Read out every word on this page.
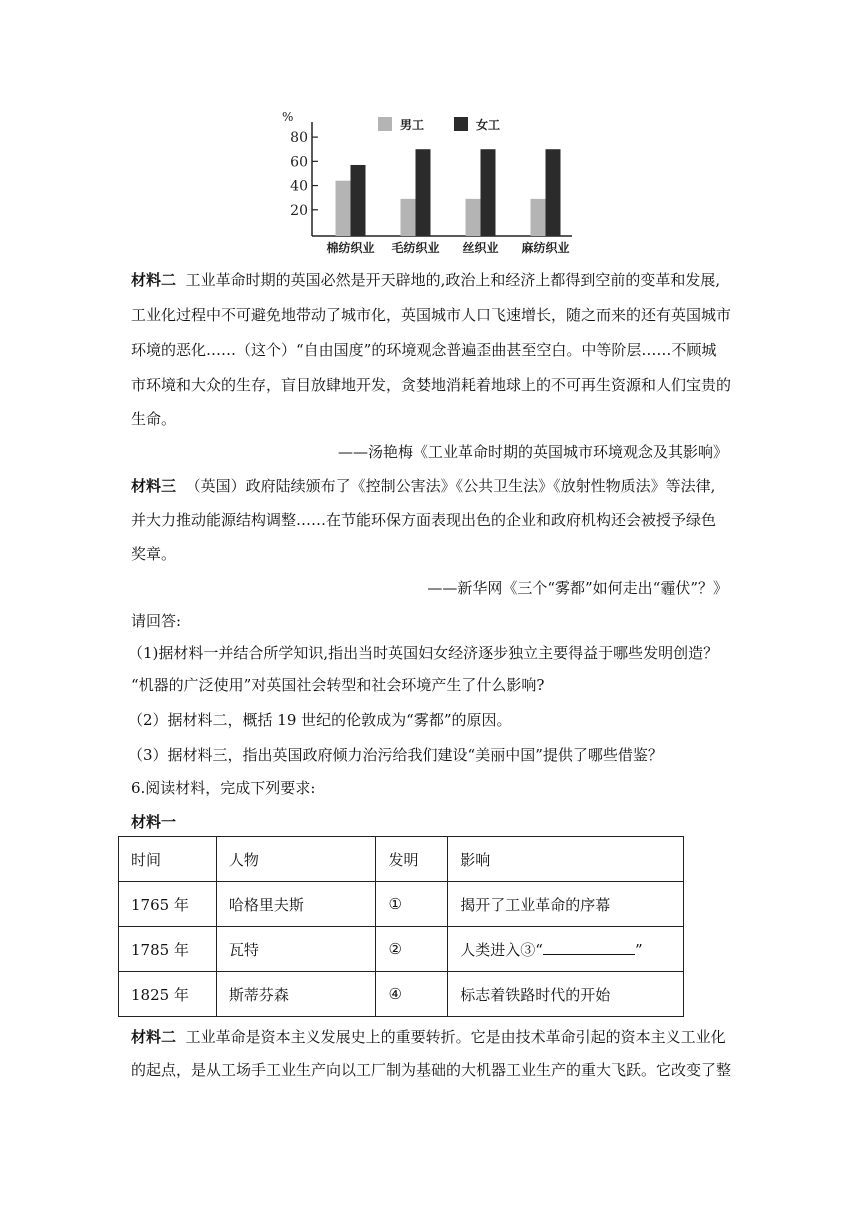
%
20
40
60
80
棉纺织业 毛纺织业 丝织业 麻纺织业
男工	女工
材料二 工业革命时期的英国必然是开天辟地的,政治上和经济上都得到空前的变革和发展,
工业化过程中不可避免地带动了城市化，英国城市人口飞速增长，随之而来的还有英国城市
环境的恶化……（这个）“自由国度”的环境观念普遍歪曲甚至空白。中等阶层……不顾城
市环境和大众的生存，盲目放肆地开发，贪婪地消耗着地球上的不可再生资源和人们宝贵的
生命。
——汤艳梅《工业革命时期的英国城市环境观念及其影响》
材料三 （英国）政府陆续颁布了《控制公害法》《公共卫生法》《放射性物质法》等法律,
并大力推动能源结构调整……在节能环保方面表现出色的企业和政府机构还会被授予绿色
奖章。
——新华网《三个“雾都”如何走出“霾伏”？》
请回答:
（1)据材料一并结合所学知识,指出当时英国妇女经济逐步独立主要得益于哪些发明创造？
“机器的广泛使用”对英国社会转型和社会环境产生了什么影响?
（2）据材料二，概括 19 世纪的伦敦成为“雾都”的原因。
（3）据材料三，指出英国政府倾力治污给我们建设“美丽中国”提供了哪些借鉴？
6.阅读材料，完成下列要求:
材料一
时间	人物	发明	影响
1765 年	哈格里夫斯	①	揭开了工业革命的序幕
1785 年	瓦特	②	人类进入③“ ”
1825 年	斯蒂芬森	④	标志着铁路时代的开始
材料二 工业革命是资本主义发展史上的重要转折。它是由技术革命引起的资本主义工业化
的起点，是从工场手工业生产向以工厂制为基础的大机器工业生产的重大飞跃。它改变了整
